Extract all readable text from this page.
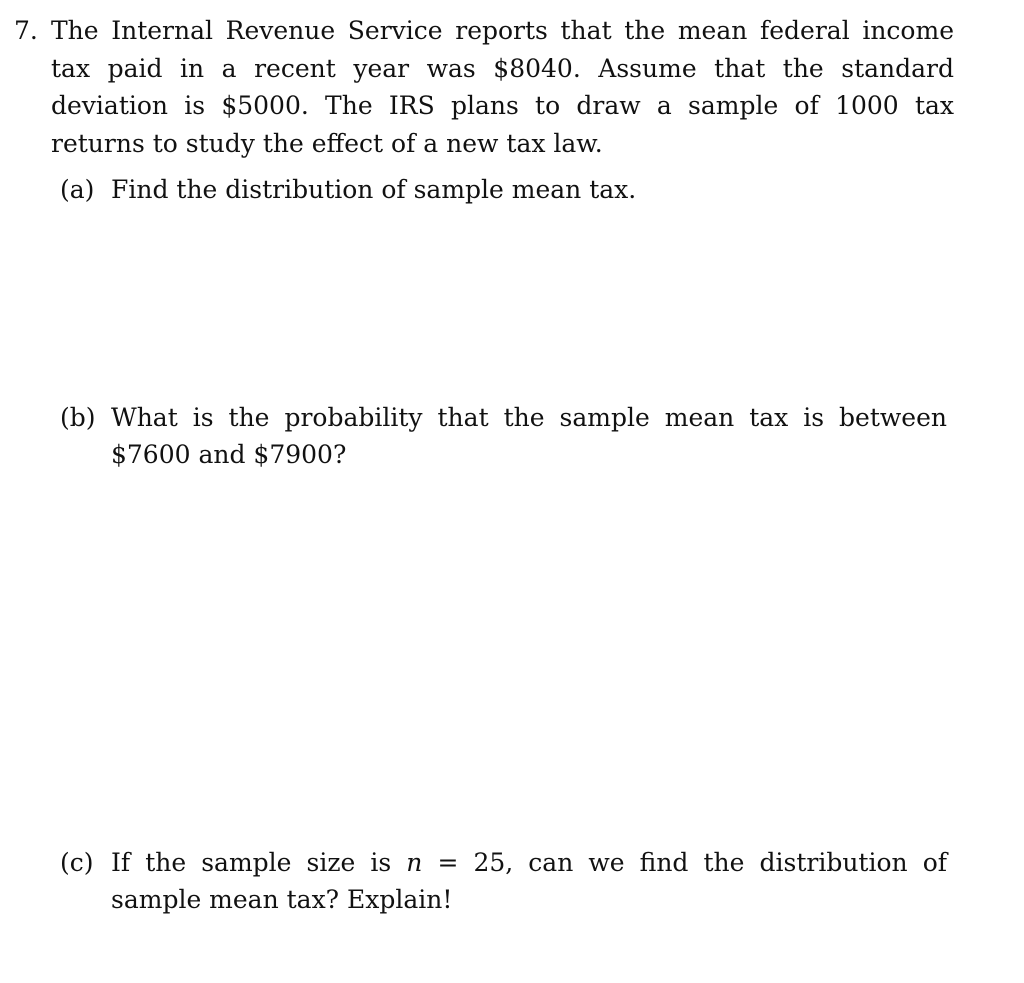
7. The Internal Revenue Service reports that the mean federal income tax paid in a recent year was $8040. Assume that the standard deviation is $5000. The IRS plans to draw a sample of 1000 tax returns to study the effect of a new tax law.

(a) Find the distribution of sample mean tax.
(b) What is the probability that the sample mean tax is between $7600 and $7900?
(c) If the sample size is n = 25, can we find the distribution of sample mean tax? Explain!
